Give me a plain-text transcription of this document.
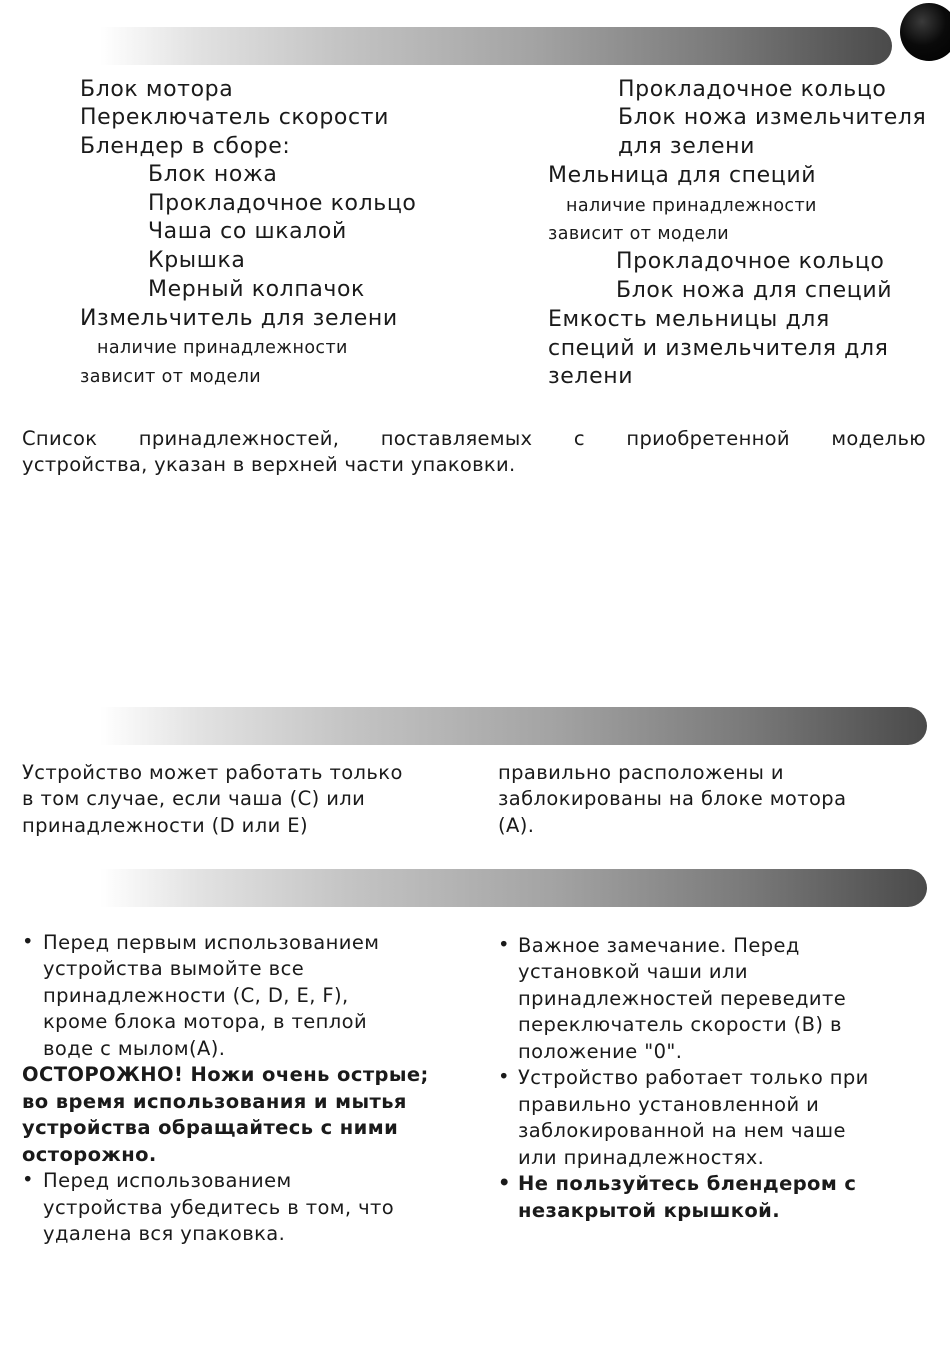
Блок мотора
Переключатель скорости
Блендер в сборе:
Блок ножа
Прокладочное кольцо
Чаша со шкалой
Крышка
Мерный колпачок
Измельчитель для зелени
наличие принадлежности
зависит от модели
Прокладочное кольцо
Блок ножа измельчителя
для зелени
Мельница для специй
наличие принадлежности
зависит от модели
Прокладочное кольцо
Блок ножа для специй
Емкость мельницы для
специй и измельчителя для
зелени
Список принадлежностей, поставляемых с приобретенной моделью
устройства, указан в верхней части упаковки.
Устройство может работать только
в том случае, если чаша (C) или
принадлежности (D или E)
правильно расположены и
заблокированы на блоке мотора
(A).
• Перед первым использованием
устройства вымойте все
принадлежности (C, D, E, F),
кроме блока мотора, в теплой
воде с мылом(A).
ОСТОРОЖНО! Ножи очень острые;
во время использования и мытья
устройства обращайтесь с ними
осторожно.
• Перед использованием
устройства убедитесь в том, что
удалена вся упаковка.
• Важное замечание. Перед
установкой чаши или
принадлежностей переведите
переключатель скорости (B) в
положение "0".
• Устройство работает только при
правильно установленной и
заблокированной на нем чаше
или принадлежностях.
• Не пользуйтесь блендером с
незакрытой крышкой.
